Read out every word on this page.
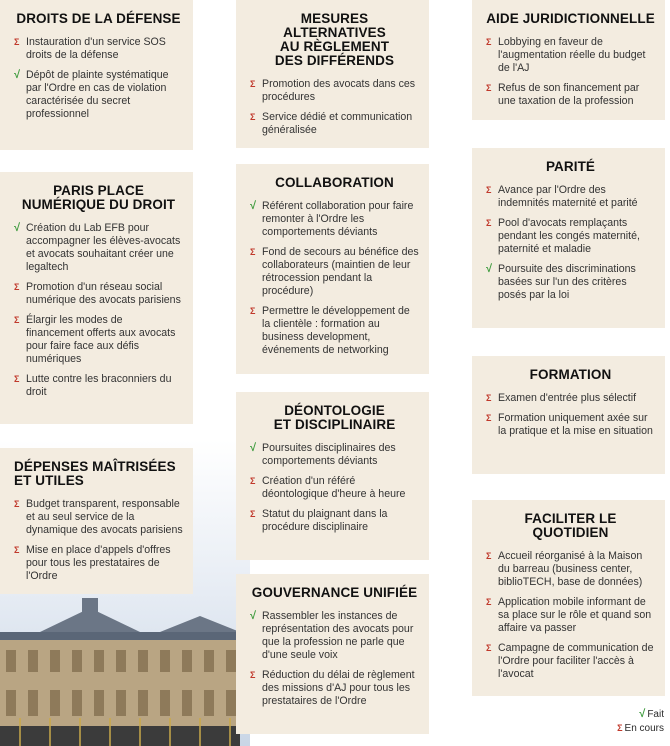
DROITS DE LA DÉFENSE
Σ Instauration d'un service SOS droits de la défense
√ Dépôt de plainte systématique par l'Ordre en cas de violation caractérisée du secret professionnel
PARIS PLACE
NUMÉRIQUE DU DROIT
√ Création du Lab EFB pour accompagner les élèves-avocats et avocats souhaitant créer une legaltech
Σ Promotion d'un réseau social numérique des avocats parisiens
Σ Élargir les modes de financement offerts aux avocats pour faire face aux défis numériques
Σ Lutte contre les braconniers du droit
DÉPENSES MAÎTRISÉES
ET UTILES
Σ Budget transparent, responsable et au seul service de la dynamique des avocats parisiens
Σ Mise en place d'appels d'offres pour tous les prestataires de l'Ordre
MESURES ALTERNATIVES
AU RÈGLEMENT
DES DIFFÉRENDS
Σ Promotion des avocats dans ces procédures
Σ Service dédié et communication généralisée
COLLABORATION
√ Référent collaboration pour faire remonter à l'Ordre les comportements déviants
Σ Fond de secours au bénéfice des collaborateurs (maintien de leur rétrocession pendant la procédure)
Σ Permettre le développement de la clientèle : formation au business development, événements de networking
DÉONTOLOGIE
ET DISCIPLINAIRE
√ Poursuites disciplinaires des comportements déviants
Σ Création d'un référé déontologique d'heure à heure
Σ Statut du plaignant dans la procédure disciplinaire
GOUVERNANCE UNIFIÉE
√ Rassembler les instances de représentation des avocats pour que la profession ne parle que d'une seule voix
Σ Réduction du délai de règlement des missions d'AJ pour tous les prestataires de l'Ordre
AIDE JURIDICTIONNELLE
Σ Lobbying en faveur de l'augmentation réelle du budget de l'AJ
Σ Refus de son financement par une taxation de la profession
PARITÉ
Σ Avance par l'Ordre des indemnités maternité et parité
Σ Pool d'avocats remplaçants pendant les congés maternité, paternité et maladie
√ Poursuite des discriminations basées sur l'un des critères posés par la loi
FORMATION
Σ Examen d'entrée plus sélectif
Σ Formation uniquement axée sur la pratique et la mise en situation
FACILITER LE QUOTIDIEN
Σ Accueil réorganisé à la Maison du barreau (business center, biblioTECH, base de données)
Σ Application mobile informant de sa place sur le rôle et quand son affaire va passer
Σ Campagne de communication de l'Ordre pour faciliter l'accès à l'avocat
√ Fait
Σ En cours
